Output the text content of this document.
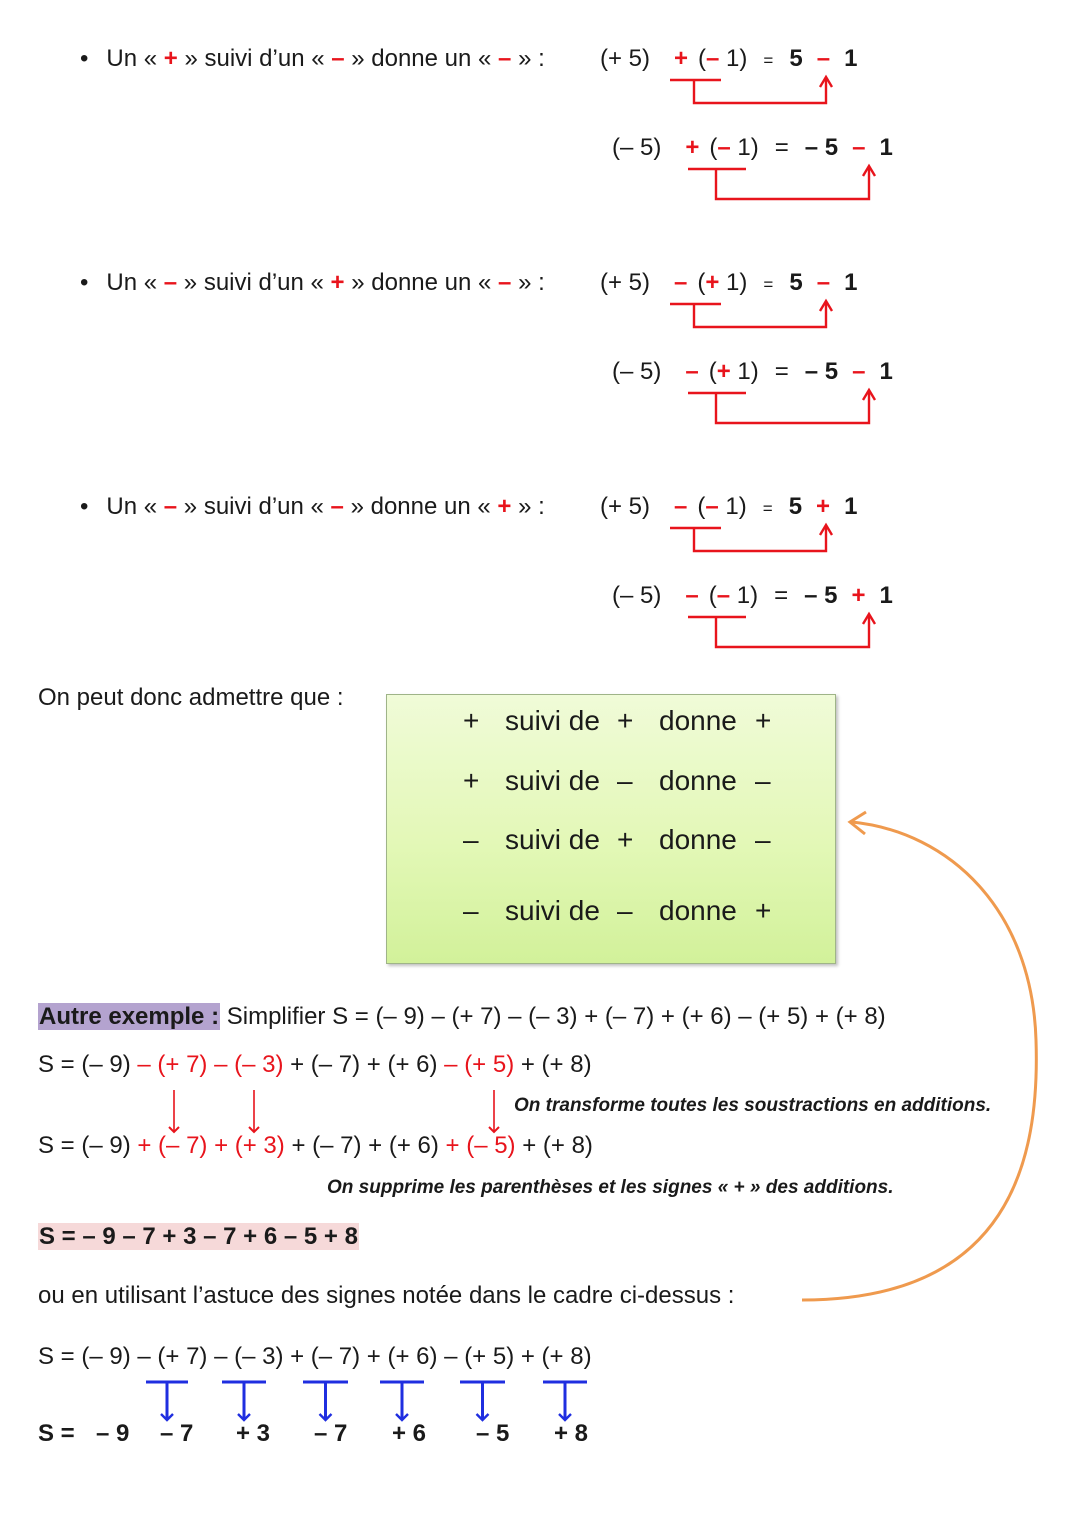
• Un « + » suivi d’un « – » donne un « – » : (+ 5) + (– 1) = 5 – 1
(– 5) + (– 1) = – 5 – 1
• Un « – » suivi d’un « + » donne un « – » : (+ 5) – (+ 1) = 5 – 1
(– 5) – (+ 1) = – 5 – 1
• Un « – » suivi d’un « – » donne un « + » : (+ 5) – (– 1) = 5 + 1
(– 5) – (– 1) = – 5 + 1
On peut donc admettre que :
+ suivi de + donne +
+ suivi de – donne –
– suivi de + donne –
– suivi de – donne +
Autre exemple : Simplifier S = (– 9) – (+ 7) – (– 3) + (– 7) + (+ 6) – (+ 5) + (+ 8)
S = (– 9) – (+ 7) – (– 3) + (– 7) + (+ 6) – (+ 5) + (+ 8)
On transforme toutes les soustractions en additions.
S = (– 9) + (– 7) + (+ 3) + (– 7) + (+ 6) + (– 5) + (+ 8)
On supprime les parenthèses et les signes « + » des additions.
S = – 9 – 7 + 3 – 7 + 6 – 5 + 8
ou en utilisant l’astuce des signes notée dans le cadre ci-dessus :
S = (– 9) – (+ 7) – (– 3) + (– 7) + (+ 6) – (+ 5) + (+ 8)
S = – 9 – 7 + 3 – 7 + 6 – 5 + 8
